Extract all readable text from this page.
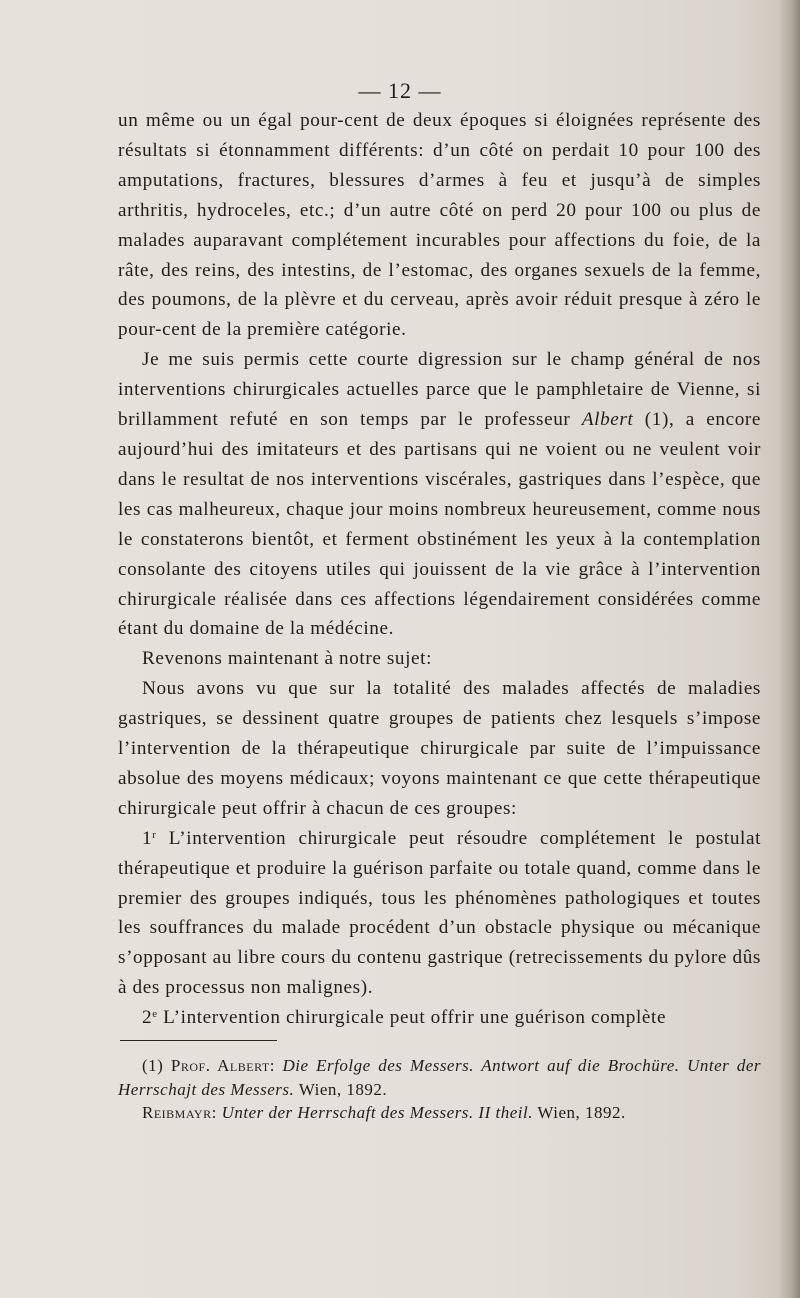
— 12 —

un même ou un égal pour-cent de deux époques si éloignées représente des résultats si étonnamment différents: d’un côté on perdait 10 pour 100 des amputations, fractures, blessures d’armes à feu et jusqu’à de simples arthritis, hydroceles, etc.; d’un autre côté on perd 20 pour 100 ou plus de malades auparavant complétement incurables pour affections du foie, de la râte, des reins, des intestins, de l’estomac, des organes sexuels de la femme, des poumons, de la plèvre et du cerveau, après avoir réduit presque à zéro le pour-cent de la première catégorie.

Je me suis permis cette courte digression sur le champ général de nos interventions chirurgicales actuelles parce que le pamphletaire de Vienne, si brillamment refuté en son temps par le professeur Albert (1), a encore aujourd’hui des imitateurs et des partisans qui ne voient ou ne veulent voir dans le resultat de nos interventions viscérales, gastriques dans l’espèce, que les cas malheureux, chaque jour moins nombreux heureusement, comme nous le constaterons bientôt, et ferment obstinément les yeux à la contemplation consolante des citoyens utiles qui jouissent de la vie grâce à l’intervention chirurgicale réalisée dans ces affections légendairement considérées comme étant du domaine de la médécine.

Revenons maintenant à notre sujet:

Nous avons vu que sur la totalité des malades affectés de maladies gastriques, se dessinent quatre groupes de patients chez lesquels s’impose l’intervention de la thérapeutique chirurgicale par suite de l’impuissance absolue des moyens médicaux; voyons maintenant ce que cette thérapeutique chirurgicale peut offrir à chacun de ces groupes:

1$^r$ L’intervention chirurgicale peut résoudre complétement le postulat thérapeutique et produire la guérison parfaite ou totale quand, comme dans le premier des groupes indiqués, tous les phénomènes pathologiques et toutes les souffrances du malade procédent d’un obstacle physique ou mécanique s’opposant au libre cours du contenu gastrique (retrecissements du pylore dûs à des processus non malignes).

2e L’intervention chirurgicale peut offrir une guérison complète

(1) Prof. Albert: Die Erfolge des Messers. Antwort auf die Brochüre. Unter der Herrschajt des Messers. Wien, 1892.

Reibmayr: Unter der Herrschaft des Messers. II theil. Wien, 1892.
